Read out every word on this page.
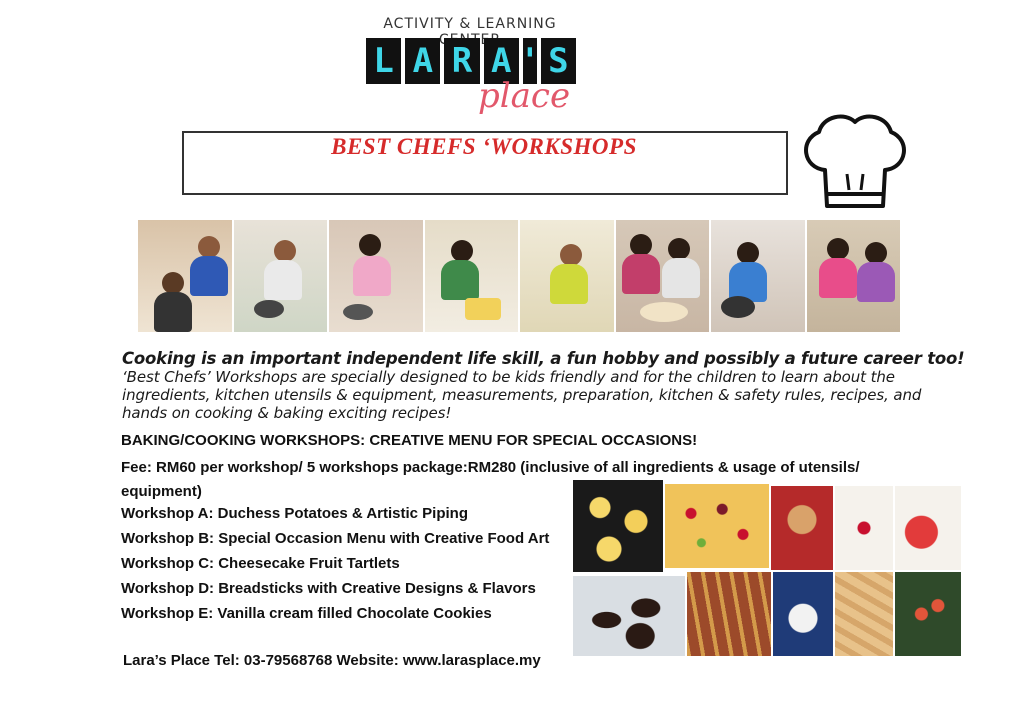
ACTIVITY & LEARNING
L A R A ' S
place
BEST CHEFS ‘WORKSHOPS
Cooking is an important independent life skill, a fun hobby and possibly a future career too!
‘Best Chefs’ Workshops are specially designed to be kids friendly and for the children to learn about the ingredients, kitchen utensils & equipment, measurements, preparation, kitchen & safety rules, recipes, and hands on cooking & baking exciting recipes!
BAKING/COOKING WORKSHOPS: CREATIVE MENU FOR SPECIAL OCCASIONS!
Fee: RM60 per workshop/ 5 workshops package:RM280 (inclusive of all ingredients & usage of utensils/ equipment)
Workshop A: Duchess Potatoes & Artistic Piping
Workshop B: Special Occasion Menu with Creative Food Art
Workshop C: Cheesecake Fruit Tartlets
Workshop D: Breadsticks with Creative Designs & Flavors
Workshop E: Vanilla cream filled Chocolate Cookies
Lara’s Place Tel: 03-79568768 Website: www.larasplace.my
